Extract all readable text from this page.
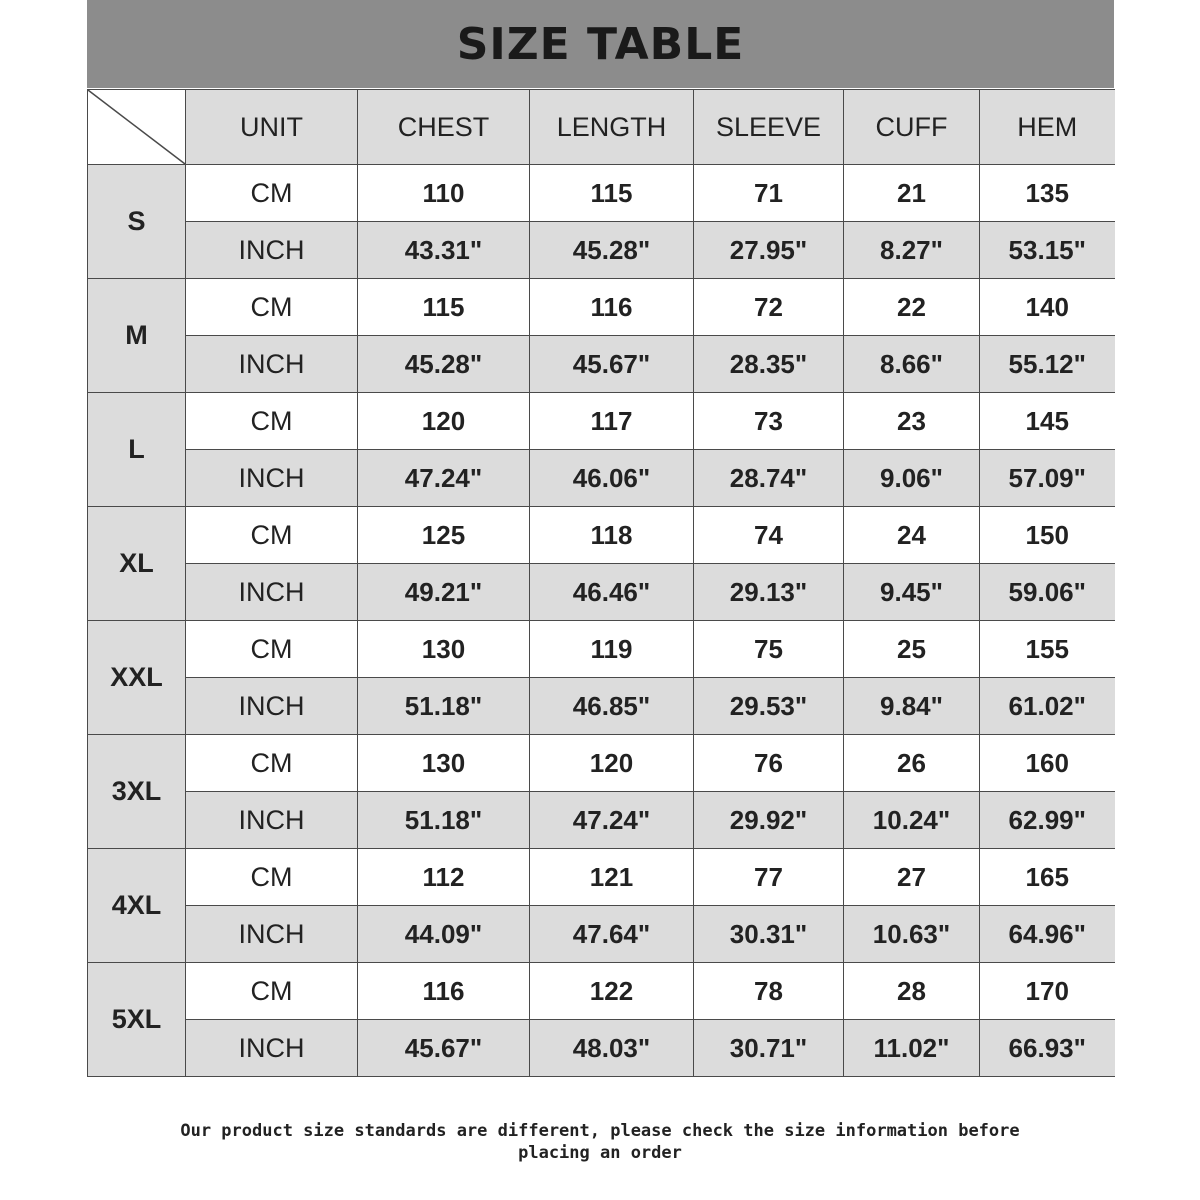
SIZE TABLE
	UNIT	CHEST	LENGTH	SLEEVE	CUFF	HEM
S	CM	110	115	71	21	135
	INCH	43.31"	45.28"	27.95"	8.27"	53.15"
M	CM	115	116	72	22	140
	INCH	45.28"	45.67"	28.35"	8.66"	55.12"
L	CM	120	117	73	23	145
	INCH	47.24"	46.06"	28.74"	9.06"	57.09"
XL	CM	125	118	74	24	150
	INCH	49.21"	46.46"	29.13"	9.45"	59.06"
XXL	CM	130	119	75	25	155
	INCH	51.18"	46.85"	29.53"	9.84"	61.02"
3XL	CM	130	120	76	26	160
	INCH	51.18"	47.24"	29.92"	10.24"	62.99"
4XL	CM	112	121	77	27	165
	INCH	44.09"	47.64"	30.31"	10.63"	64.96"
5XL	CM	116	122	78	28	170
	INCH	45.67"	48.03"	30.71"	11.02"	66.93"
Our product size standards are different, please check the size information before
placing an order
